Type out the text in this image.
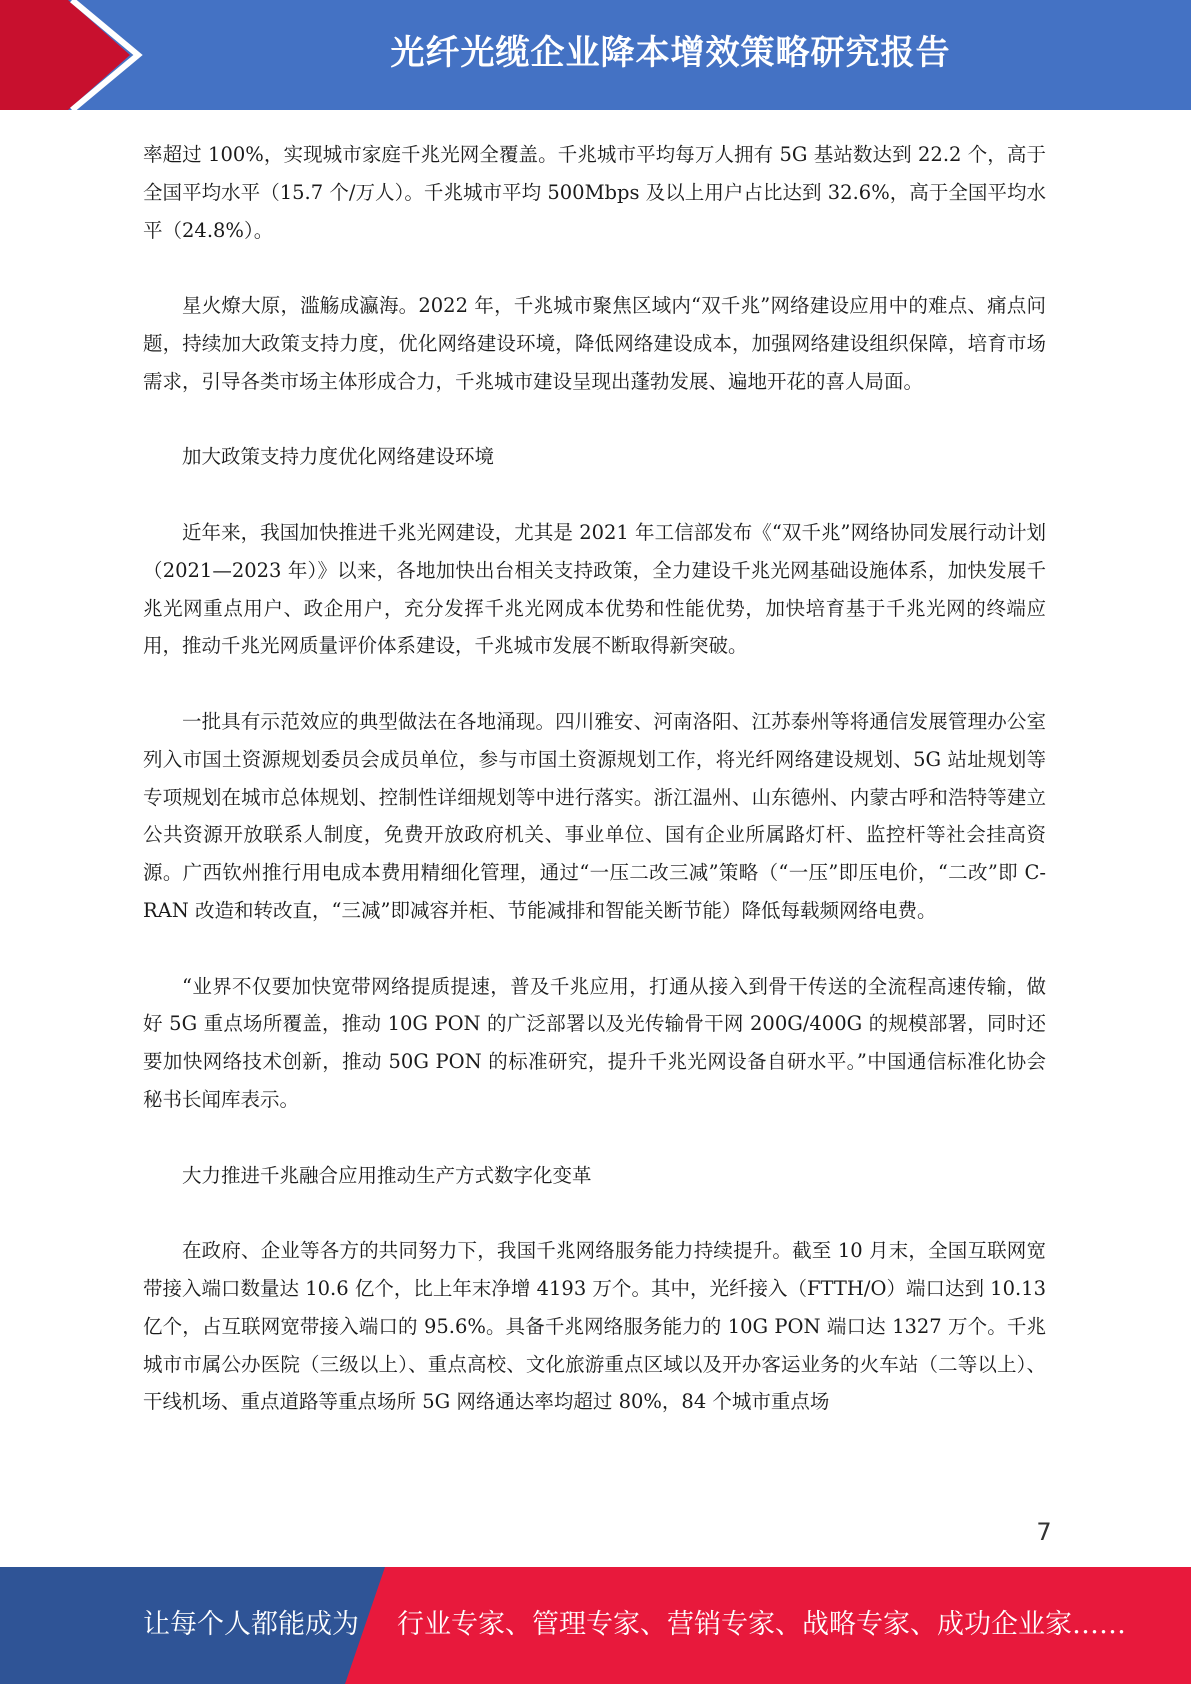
光纤光缆企业降本增效策略研究报告

率超过 100%，实现城市家庭千兆光网全覆盖。千兆城市平均每万人拥有 5G 基站数达到 22.2 个，高于全国平均水平（15.7 个/万人）。千兆城市平均 500Mbps 及以上用户占比达到 32.6%，高于全国平均水平（24.8%）。

星火燎大原，滥觞成瀛海。2022 年，千兆城市聚焦区域内“双千兆”网络建设应用中的难点、痛点问题，持续加大政策支持力度，优化网络建设环境，降低网络建设成本，加强网络建设组织保障，培育市场需求，引导各类市场主体形成合力，千兆城市建设呈现出蓬勃发展、遍地开花的喜人局面。

加大政策支持力度优化网络建设环境

近年来，我国加快推进千兆光网建设，尤其是 2021 年工信部发布《“双千兆”网络协同发展行动计划（2021—2023 年）》以来，各地加快出台相关支持政策，全力建设千兆光网基础设施体系，加快发展千兆光网重点用户、政企用户，充分发挥千兆光网成本优势和性能优势，加快培育基于千兆光网的终端应用，推动千兆光网质量评价体系建设，千兆城市发展不断取得新突破。

一批具有示范效应的典型做法在各地涌现。四川雅安、河南洛阳、江苏泰州等将通信发展管理办公室列入市国土资源规划委员会成员单位，参与市国土资源规划工作，将光纤网络建设规划、5G 站址规划等专项规划在城市总体规划、控制性详细规划等中进行落实。浙江温州、山东德州、内蒙古呼和浩特等建立公共资源开放联系人制度，免费开放政府机关、事业单位、国有企业所属路灯杆、监控杆等社会挂高资源。广西钦州推行用电成本费用精细化管理，通过“一压二改三减”策略（“一压”即压电价，“二改”即 C-RAN 改造和转改直，“三减”即减容并柜、节能减排和智能关断节能）降低每载频网络电费。

“业界不仅要加快宽带网络提质提速，普及千兆应用，打通从接入到骨干传送的全流程高速传输，做好 5G 重点场所覆盖，推动 10G PON 的广泛部署以及光传输骨干网 200G/400G 的规模部署，同时还要加快网络技术创新，推动 50G PON 的标准研究，提升千兆光网设备自研水平。”中国通信标准化协会秘书长闻库表示。

大力推进千兆融合应用推动生产方式数字化变革

在政府、企业等各方的共同努力下，我国千兆网络服务能力持续提升。截至 10 月末，全国互联网宽带接入端口数量达 10.6 亿个，比上年末净增 4193 万个。其中，光纤接入（FTTH/O）端口达到 10.13 亿个，占互联网宽带接入端口的 95.6%。具备千兆网络服务能力的 10G PON 端口达 1327 万个。千兆城市市属公办医院（三级以上）、重点高校、文化旅游重点区域以及开办客运业务的火车站（二等以上）、干线机场、重点道路等重点场所 5G 网络通达率均超过 80%，84 个城市重点场

7
让每个人都能成为 行业专家、管理专家、营销专家、战略专家、成功企业家……
